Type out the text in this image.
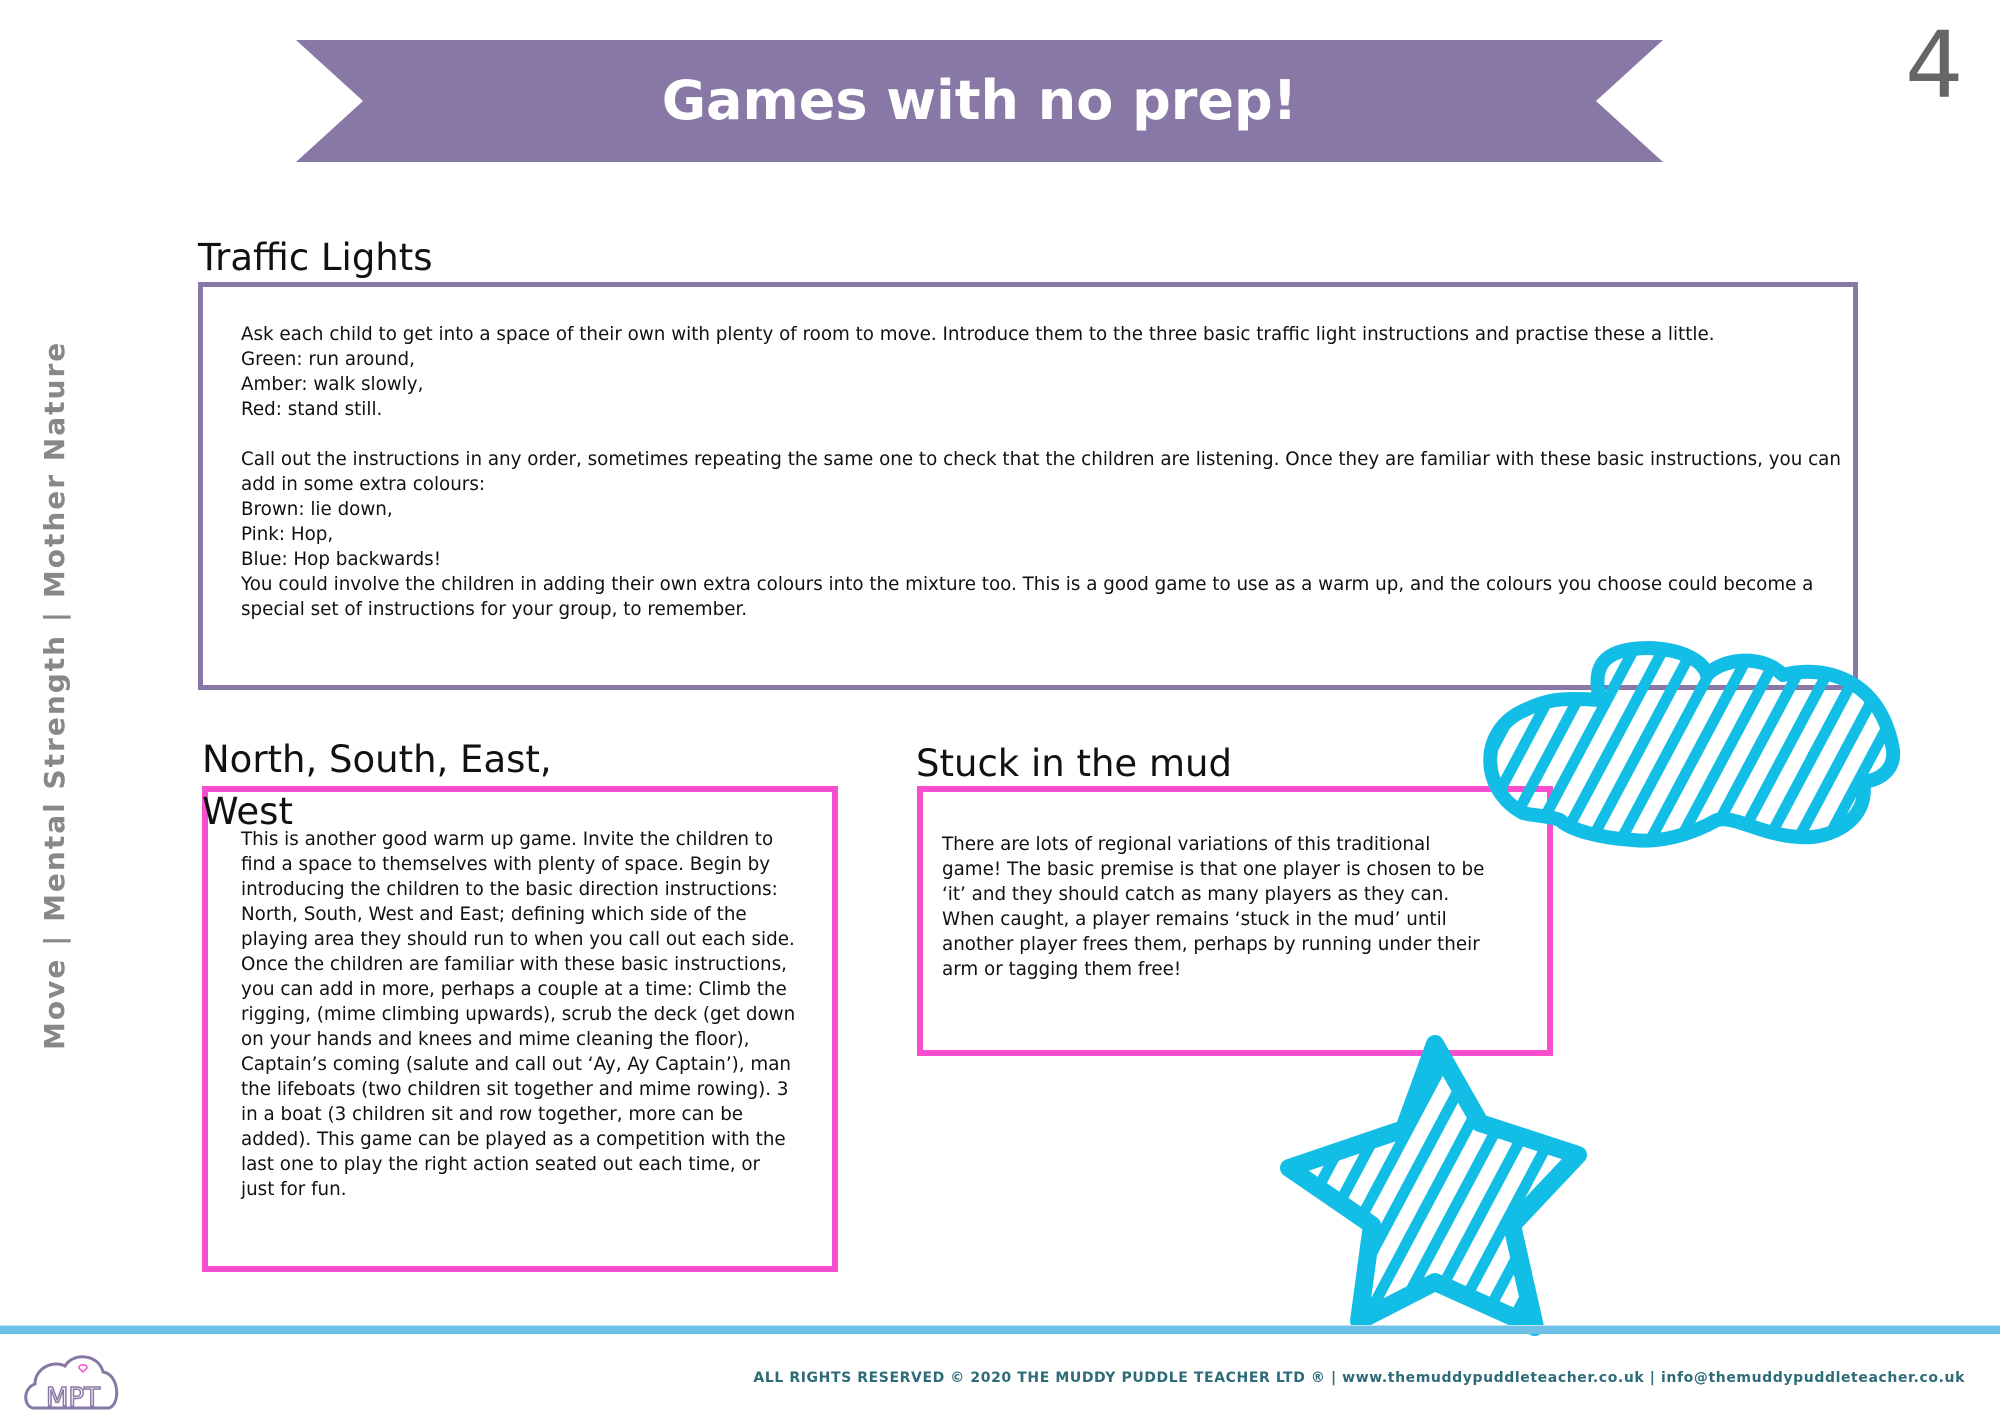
Games with no prep!	4
Move | Mental Strength | Mother Nature
Traffic Lights
Ask each child to get into a space of their own with plenty of room to move. Introduce them to the three basic traffic light instructions and practise these a little.
Green: run around,
Amber: walk slowly,
Red: stand still.
Call out the instructions in any order, sometimes repeating the same one to check that the children are listening. Once they are familiar with these basic instructions, you can
add in some extra colours:
Brown: lie down,
Pink: Hop,
Blue: Hop backwards!
You could involve the children in adding their own extra colours into the mixture too. This is a good game to use as a warm up, and the colours you choose could become a
special set of instructions for your group, to remember.
North, South, East,
This is another good warm up game. Invite the children to
find a space to themselves with plenty of space. Begin by
introducing the children to the basic direction instructions:
North, South, West and East; defining which side of the
playing area they should run to when you call out each side.
Once the children are familiar with these basic instructions,
you can add in more, perhaps a couple at a time: Climb the
rigging, (mime climbing upwards), scrub the deck (get down
on your hands and knees and mime cleaning the floor),
Captain’s coming (salute and call out ‘Ay, Ay Captain’), man
the lifeboats (two children sit together and mime rowing). 3
in a boat (3 children sit and row together, more can be
added). This game can be played as a competition with the
last one to play the right action seated out each time, or
just for fun.
West
Stuck in the mud
There are lots of regional variations of this traditional
game! The basic premise is that one player is chosen to be
‘it’ and they should catch as many players as they can.
When caught, a player remains ‘stuck in the mud’ until
another player frees them, perhaps by running under their
arm or tagging them free!
MPT
ALL RIGHTS RESERVED © 2020 THE MUDDY PUDDLE TEACHER LTD ® | www.themuddypuddleteacher.co.uk | info@themuddypuddleteacher.co.uk
